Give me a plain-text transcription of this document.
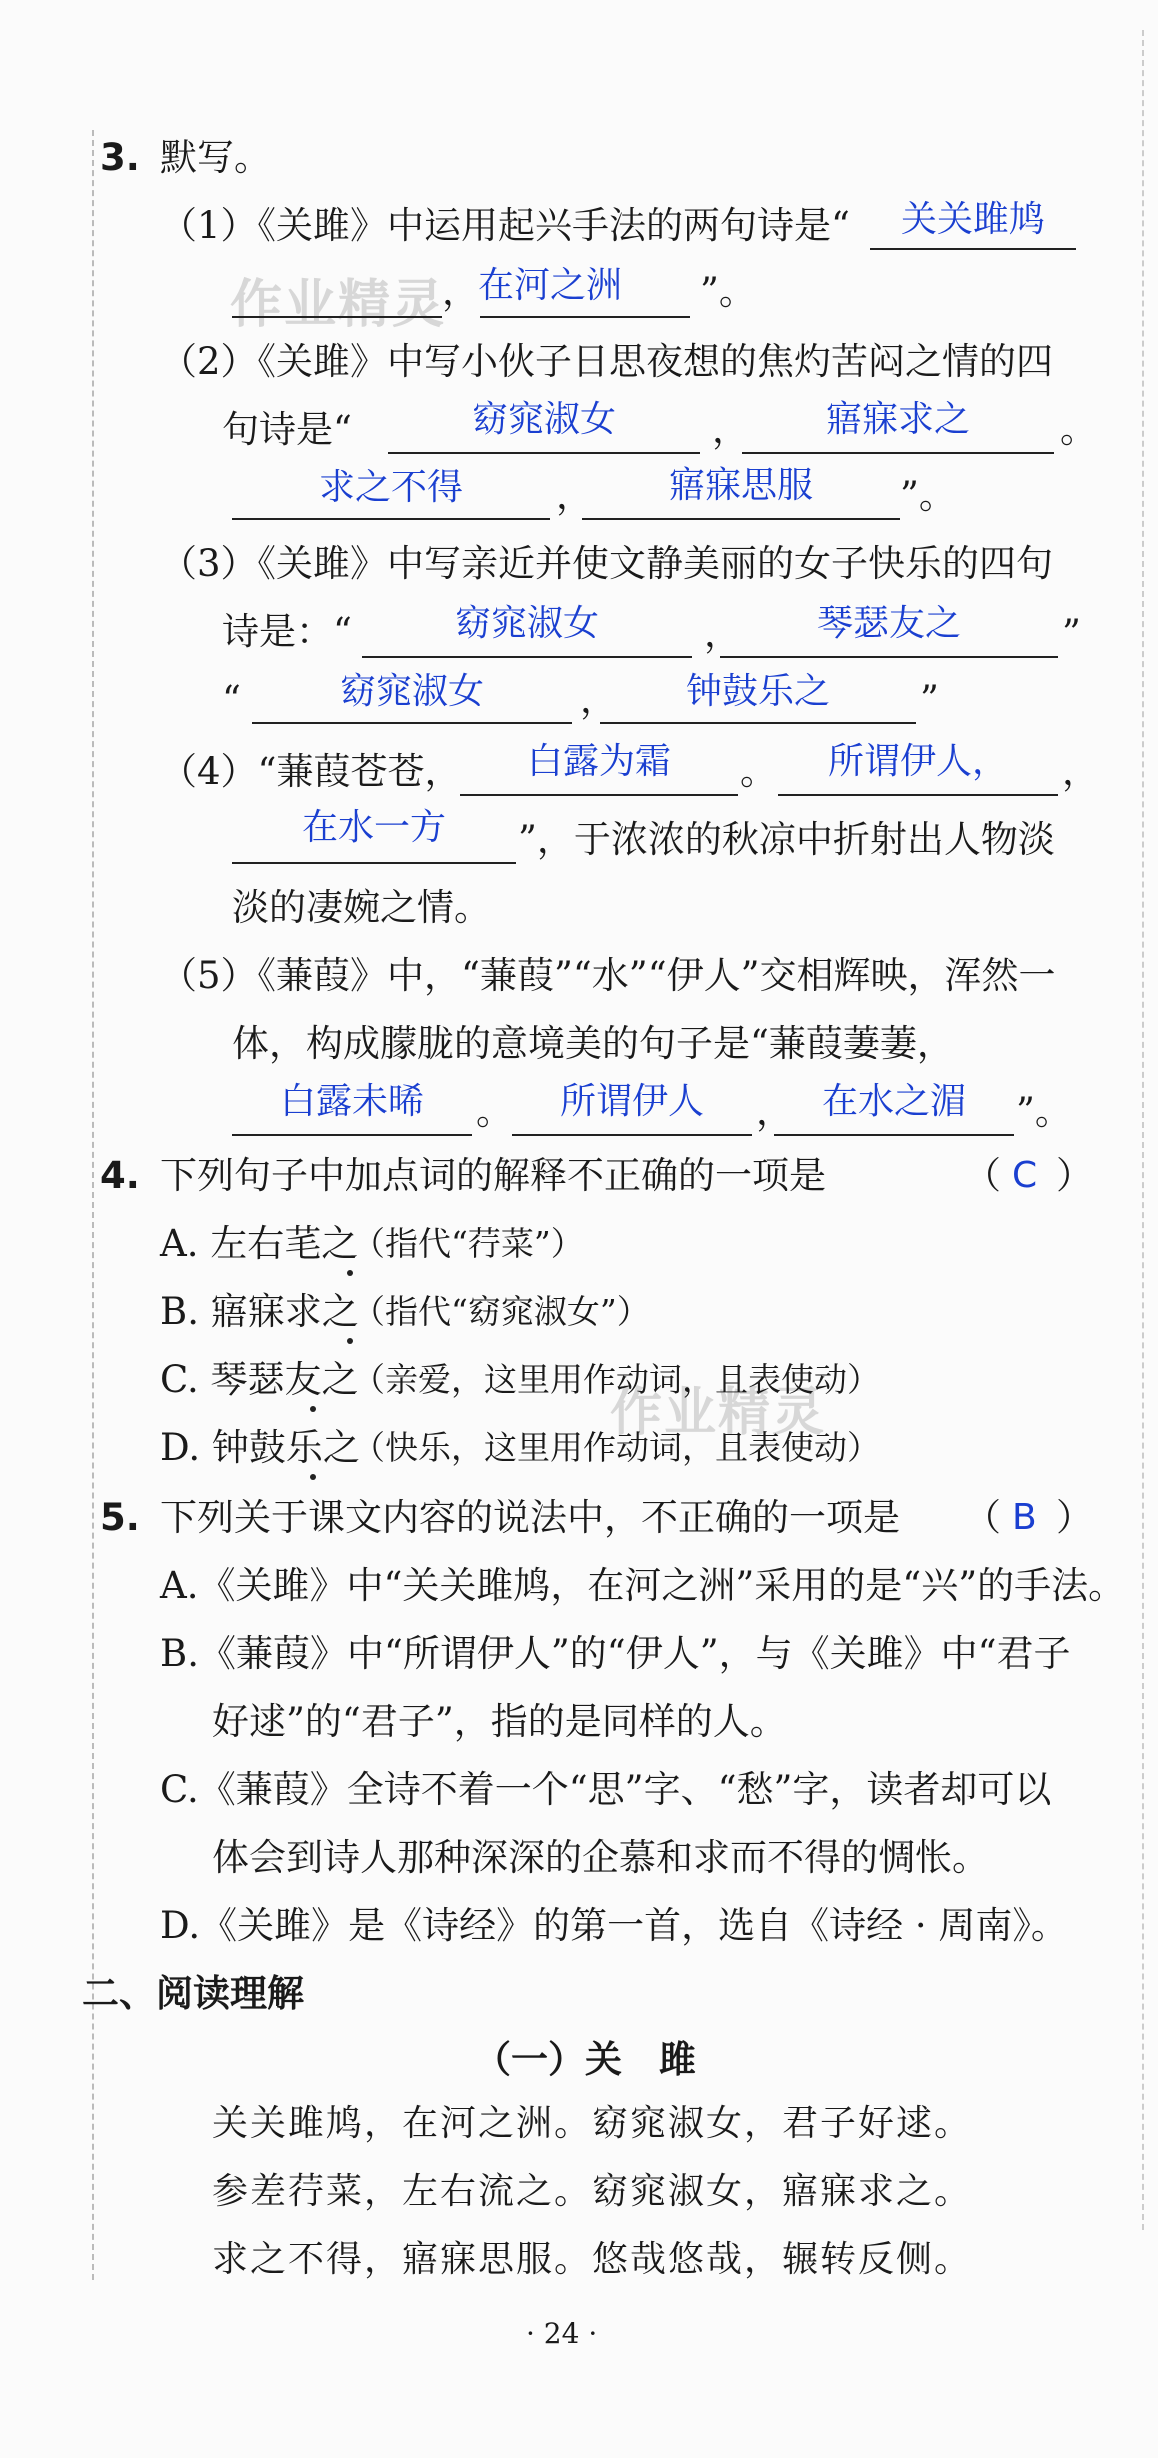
作业精灵
作业精灵
3. 默写。
（1）《关雎》中运用起兴手法的两句诗是“	关关雎鸠
，
在河之洲	”。
（2）《关雎》中写小伙子日思夜想的焦灼苦闷之情的四
句诗是“	窈窕淑女	，	寤寐求之	。
求之不得	，	寤寐思服	”。
（3）《关雎》中写亲近并使文静美丽的女子快乐的四句
诗是：“	窈窕淑女	，	琴瑟友之	”
“	窈窕淑女	，	钟鼓乐之	”
（4）“蒹葭苍苍，	白露为霜	。	所谓伊人，	，
在水一方	”，于浓浓的秋凉中折射出人物淡
淡的凄婉之情。
（5）《蒹葭》中，“蒹葭”“水”“伊人”交相辉映，浑然一
体，构成朦胧的意境美的句子是“蒹葭萋萋，
白露未晞	。	所谓伊人	， 在水之湄	”。
4. 下列句子中加点词的解释不正确的一项是	（ C ）
A. 左右芼之
（指代“荇菜”）
B. 寤寐求之
（指代“窈窕淑女”）
C. 琴瑟友之
（亲爱，这里用作动词，且表使动）
D. 钟鼓乐之
（快乐，这里用作动词，且表使动）
5. 下列关于课文内容的说法中，不正确的一项是 （ B ）
A.《关雎》中“关关雎鸠，在河之洲”采用的是“兴”的手法。
B.《蒹葭》中“所谓伊人”的“伊人”，与《关雎》中“君子
好逑”的“君子”，指的是同样的人。
C.《蒹葭》全诗不着一个“思”字、“愁”字，读者却可以
体会到诗人那种深深的企慕和求而不得的惆怅。
D.《关雎》是《诗经》的第一首，选自《诗经 · 周南》。
二、阅读理解
（一）关　雎
关关雎鸠，在河之洲。窈窕淑女，君子好逑。
参差荇菜，左右流之。窈窕淑女，寤寐求之。
求之不得，寤寐思服。悠哉悠哉，辗转反侧。
· 24 ·
